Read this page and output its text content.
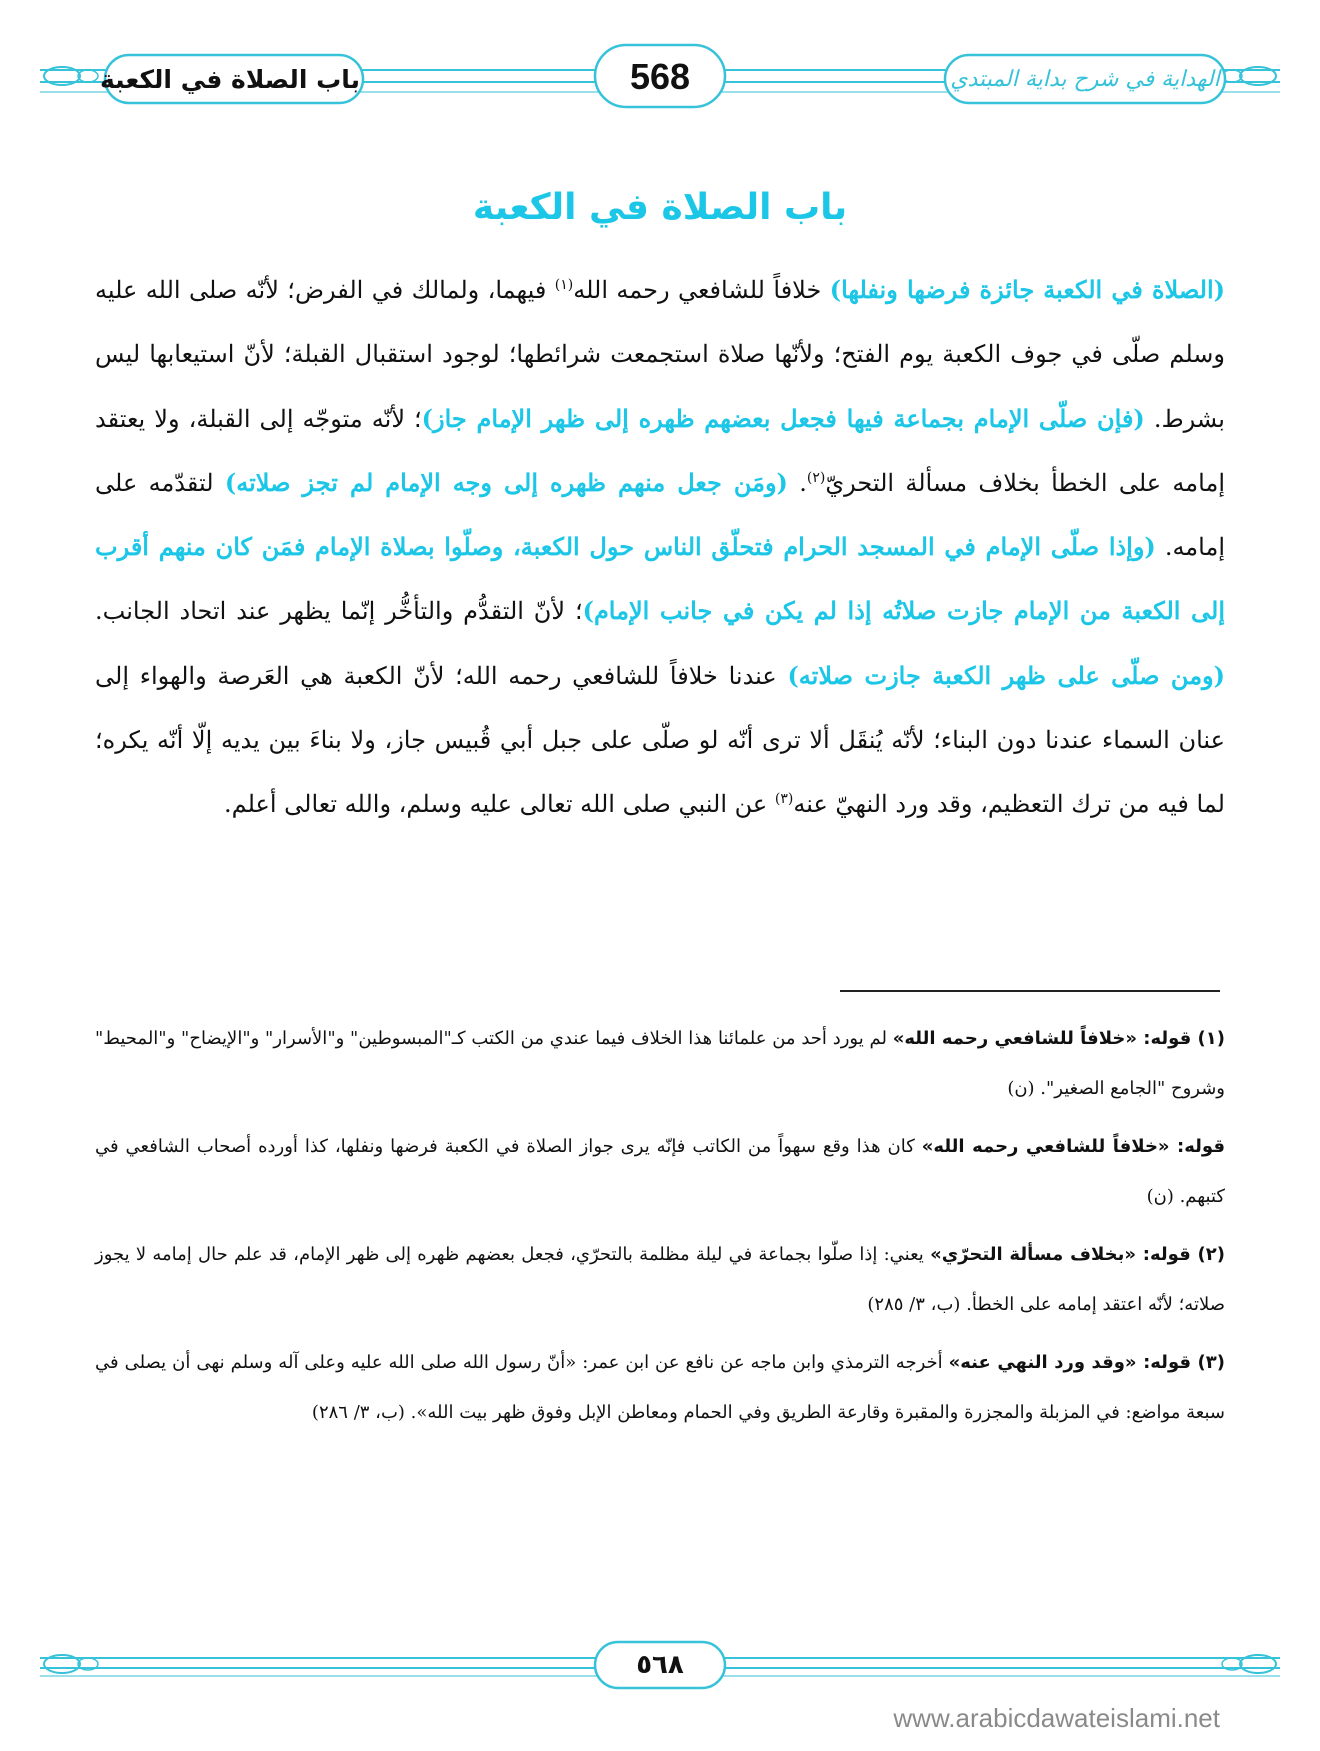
باب الصلاة في الكعبة	568	الهداية في شرح بداية المبتدي
باب الصلاة في الكعبة

(الصلاة في الكعبة جائزة فرضها ونفلها) خلافاً للشافعي رحمه الله$^{(١)}$ فيهما، ولمالك في الفرض؛ لأنّه صلى الله عليه وسلم صلّى في جوف الكعبة يوم الفتح؛ ولأنّها صلاة استجمعت شرائطها؛ لوجود استقبال القبلة؛ لأنّ استيعابها ليس بشرط. (فإن صلّى الإمام بجماعة فيها فجعل بعضهم ظهره إلى ظهر الإمام جاز)؛ لأنّه متوجّه إلى القبلة، ولا يعتقد إمامه على الخطأ بخلاف مسألة التحريّ$^{(٢)}$. (ومَن جعل منهم ظهره إلى وجه الإمام لم تجز صلاته) لتقدّمه على إمامه. (وإذا صلّى الإمام في المسجد الحرام فتحلّق الناس حول الكعبة، وصلّوا بصلاة الإمام فمَن كان منهم أقرب إلى الكعبة من الإمام جازت صلاتُه إذا لم يكن في جانب الإمام)؛ لأنّ التقدُّم والتأخُّر إنّما يظهر عند اتحاد الجانب. (ومن صلّى على ظهر الكعبة جازت صلاته) عندنا خلافاً للشافعي رحمه الله؛ لأنّ الكعبة هي العَرصة والهواء إلى عنان السماء عندنا دون البناء؛ لأنّه يُنقَل ألا ترى أنّه لو صلّى على جبل أبي قُبيس جاز، ولا بناءَ بين يديه إلّا أنّه يكره؛ لما فيه من ترك التعظيم، وقد ورد النهيّ عنه$^{(٣)}$ عن النبي صلى الله تعالى عليه وسلم، والله تعالى أعلم.

(١) قوله: «خلافاً للشافعي رحمه الله» لم يورد أحد من علمائنا هذا الخلاف فيما عندي من الكتب كـ"المبسوطين" و"الأسرار" و"الإيضاح" و"المحيط" وشروح "الجامع الصغير". (ن)

قوله: «خلافاً للشافعي رحمه الله» كان هذا وقع سهواً من الكاتب فإنّه يرى جواز الصلاة في الكعبة فرضها ونفلها، كذا أورده أصحاب الشافعي في كتبهم. (ن)

(٢) قوله: «بخلاف مسألة التحرّي» يعني: إذا صلّوا بجماعة في ليلة مظلمة بالتحرّي، فجعل بعضهم ظهره إلى ظهر الإمام، قد علم حال إمامه لا يجوز صلاته؛ لأنّه اعتقد إمامه على الخطأ. (ب، ٣/ ٢٨٥)

(٣) قوله: «وقد ورد النهي عنه» أخرجه الترمذي وابن ماجه عن نافع عن ابن عمر: «أنّ رسول الله صلى الله عليه وعلى آله وسلم نهى أن يصلى في سبعة مواضع: في المزبلة والمجزرة والمقبرة وقارعة الطريق وفي الحمام ومعاطن الإبل وفوق ظهر بيت الله». (ب، ٣/ ٢٨٦)

٥٦٨
www.arabicdawateislami.net
